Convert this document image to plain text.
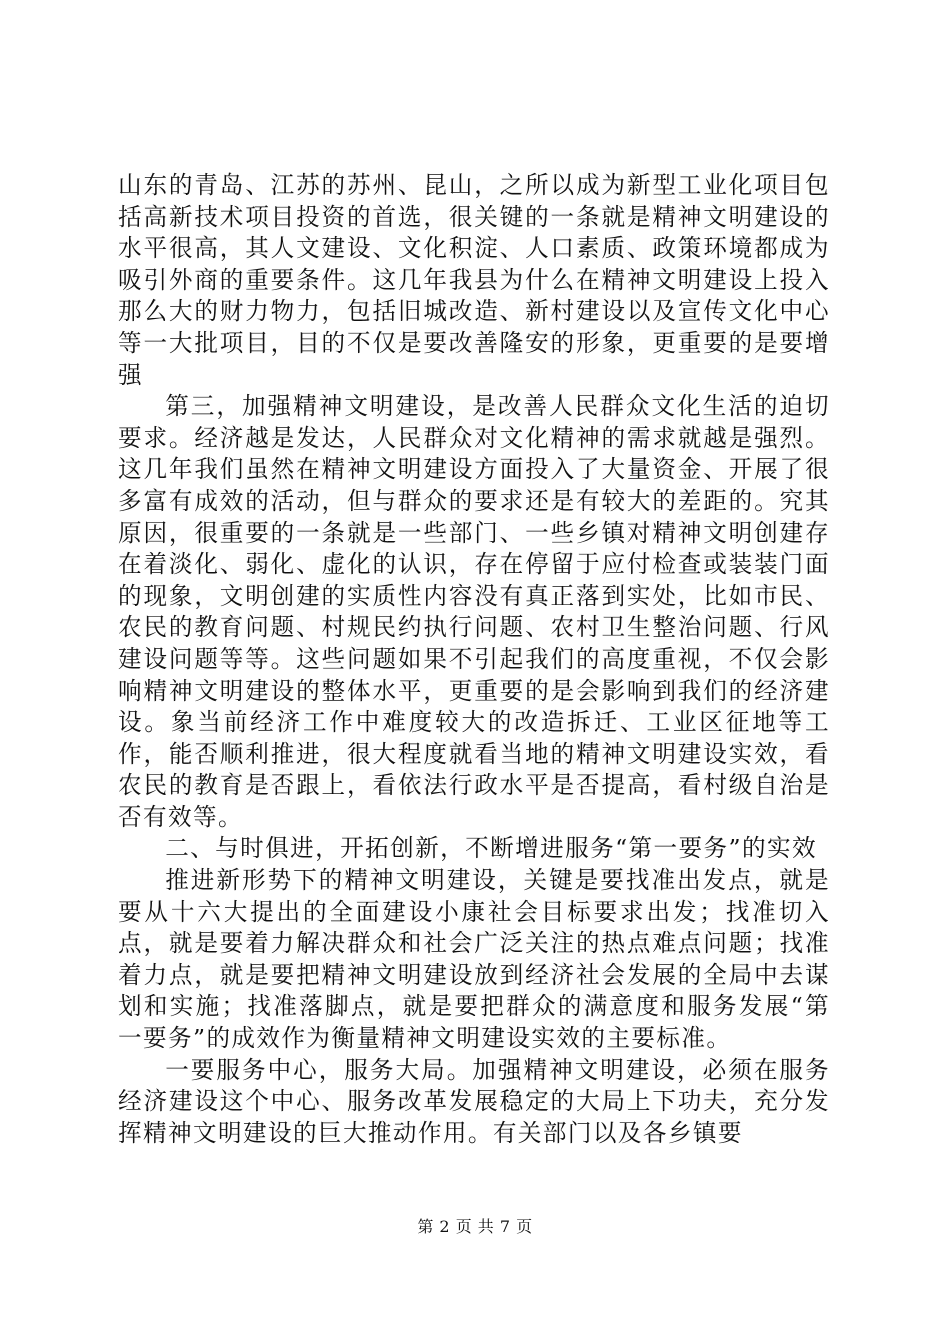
山东的青岛、江苏的苏州、昆山，之所以成为新型工业化项目包括高新技术项目投资的首选，很关键的一条就是精神文明建设的水平很高，其人文建设、文化积淀、人口素质、政策环境都成为吸引外商的重要条件。这几年我县为什么在精神文明建设上投入那么大的财力物力，包括旧城改造、新村建设以及宣传文化中心等一大批项目，目的不仅是要改善隆安的形象，更重要的是要增强

第三，加强精神文明建设，是改善人民群众文化生活的迫切要求。经济越是发达，人民群众对文化精神的需求就越是强烈。这几年我们虽然在精神文明建设方面投入了大量资金、开展了很多富有成效的活动，但与群众的要求还是有较大的差距的。究其原因，很重要的一条就是一些部门、一些乡镇对精神文明创建存在着淡化、弱化、虚化的认识，存在停留于应付检查或装装门面的现象，文明创建的实质性内容没有真正落到实处，比如市民、农民的教育问题、村规民约执行问题、农村卫生整治问题、行风建设问题等等。这些问题如果不引起我们的高度重视，不仅会影响精神文明建设的整体水平，更重要的是会影响到我们的经济建设。象当前经济工作中难度较大的改造拆迁、工业区征地等工作，能否顺利推进，很大程度就看当地的精神文明建设实效，看农民的教育是否跟上，看依法行政水平是否提高，看村级自治是否有效等。

二、与时俱进，开拓创新，不断增进服务“第一要务”的实效

推进新形势下的精神文明建设，关键是要找准出发点，就是要从十六大提出的全面建设小康社会目标要求出发；找准切入点，就是要着力解决群众和社会广泛关注的热点难点问题；找准着力点，就是要把精神文明建设放到经济社会发展的全局中去谋划和实施；找准落脚点，就是要把群众的满意度和服务发展“第一要务”的成效作为衡量精神文明建设实效的主要标准。

一要服务中心，服务大局。加强精神文明建设，必须在服务经济建设这个中心、服务改革发展稳定的大局上下功夫，充分发挥精神文明建设的巨大推动作用。有关部门以及各乡镇要

第 2 页 共 7 页
